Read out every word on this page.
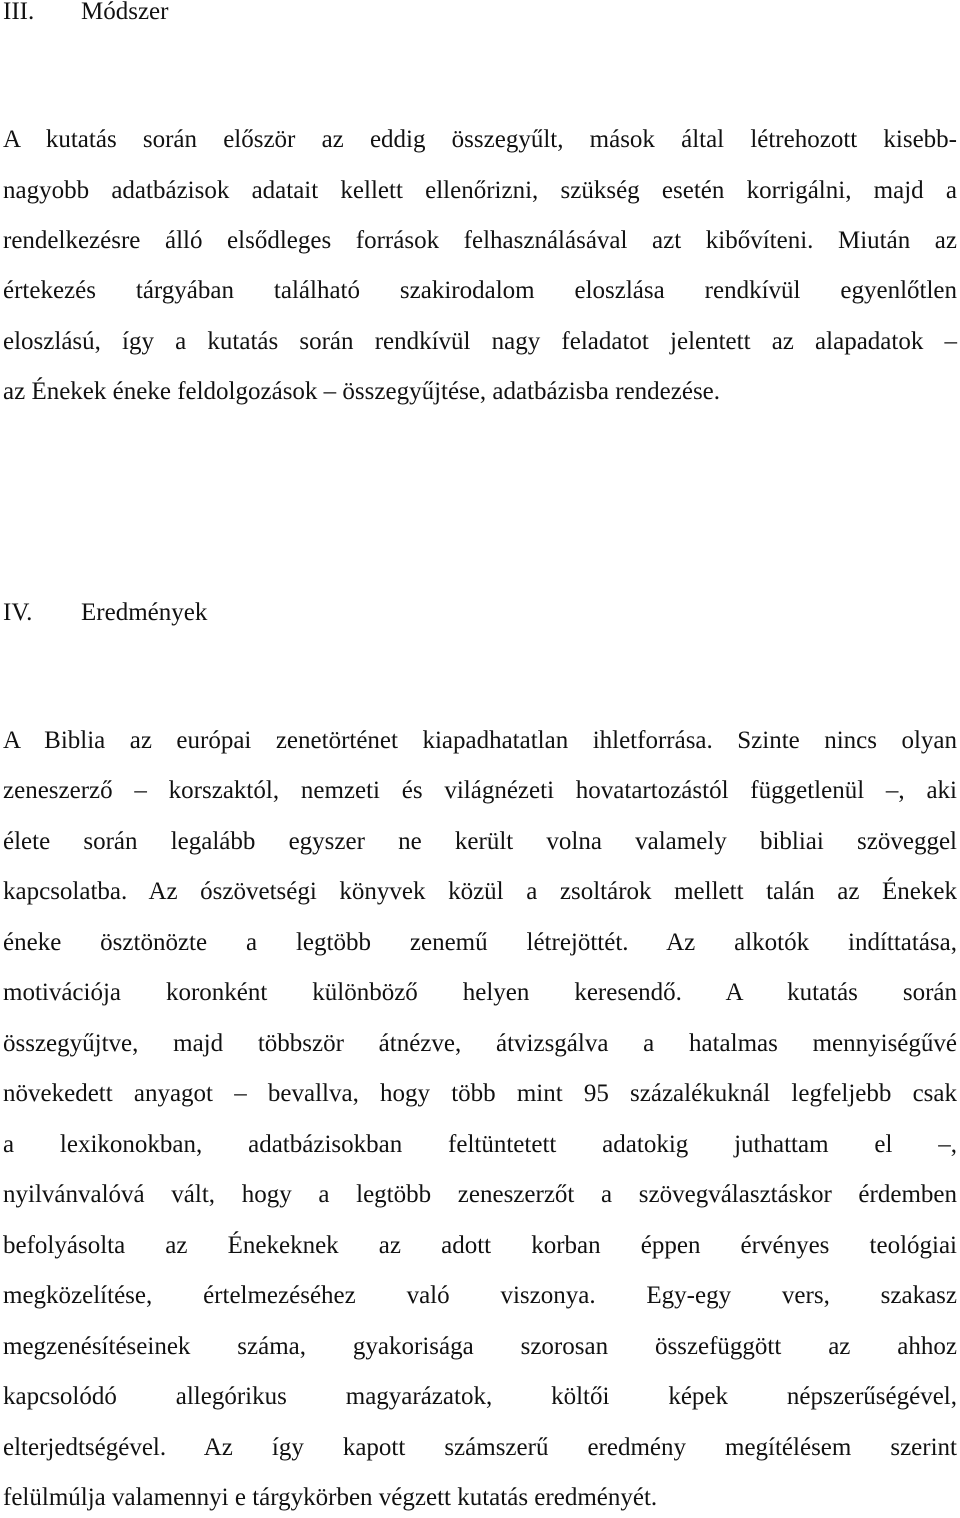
III. Módszer
A kutatás során először az eddig összegyűlt, mások által létrehozott kisebb-
nagyobb adatbázisok adatait kellett ellenőrizni, szükség esetén korrigálni, majd a
rendelkezésre álló elsődleges források felhasználásával azt kibővíteni. Miután az
értekezés tárgyában található szakirodalom eloszlása rendkívül egyenlőtlen
eloszlású, így a kutatás során rendkívül nagy feladatot jelentett az alapadatok –
az Énekek éneke feldolgozások – összegyűjtése, adatbázisba rendezése.
IV. Eredmények
A Biblia az európai zenetörténet kiapadhatatlan ihletforrása. Szinte nincs olyan
zeneszerző – korszaktól, nemzeti és világnézeti hovatartozástól függetlenül –, aki
élete során legalább egyszer ne került volna valamely bibliai szöveggel
kapcsolatba. Az ószövetségi könyvek közül a zsoltárok mellett talán az Énekek
éneke ösztönözte a legtöbb zenemű létrejöttét. Az alkotók indíttatása,
motivációja koronként különböző helyen keresendő. A kutatás során
összegyűjtve, majd többször átnézve, átvizsgálva a hatalmas mennyiségűvé
növekedett anyagot – bevallva, hogy több mint 95 százalékuknál legfeljebb csak
a lexikonokban, adatbázisokban feltüntetett adatokig juthattam el –,
nyilvánvalóvá vált, hogy a legtöbb zeneszerzőt a szövegválasztáskor érdemben
befolyásolta az Énekeknek az adott korban éppen érvényes teológiai
megközelítése, értelmezéséhez való viszonya. Egy-egy vers, szakasz
megzenésítéseinek száma, gyakorisága szorosan összefüggött az ahhoz
kapcsolódó allegórikus magyarázatok, költői képek népszerűségével,
elterjedtségével. Az így kapott számszerű eredmény megítélésem szerint
felülmúlja valamennyi e tárgykörben végzett kutatás eredményét.
